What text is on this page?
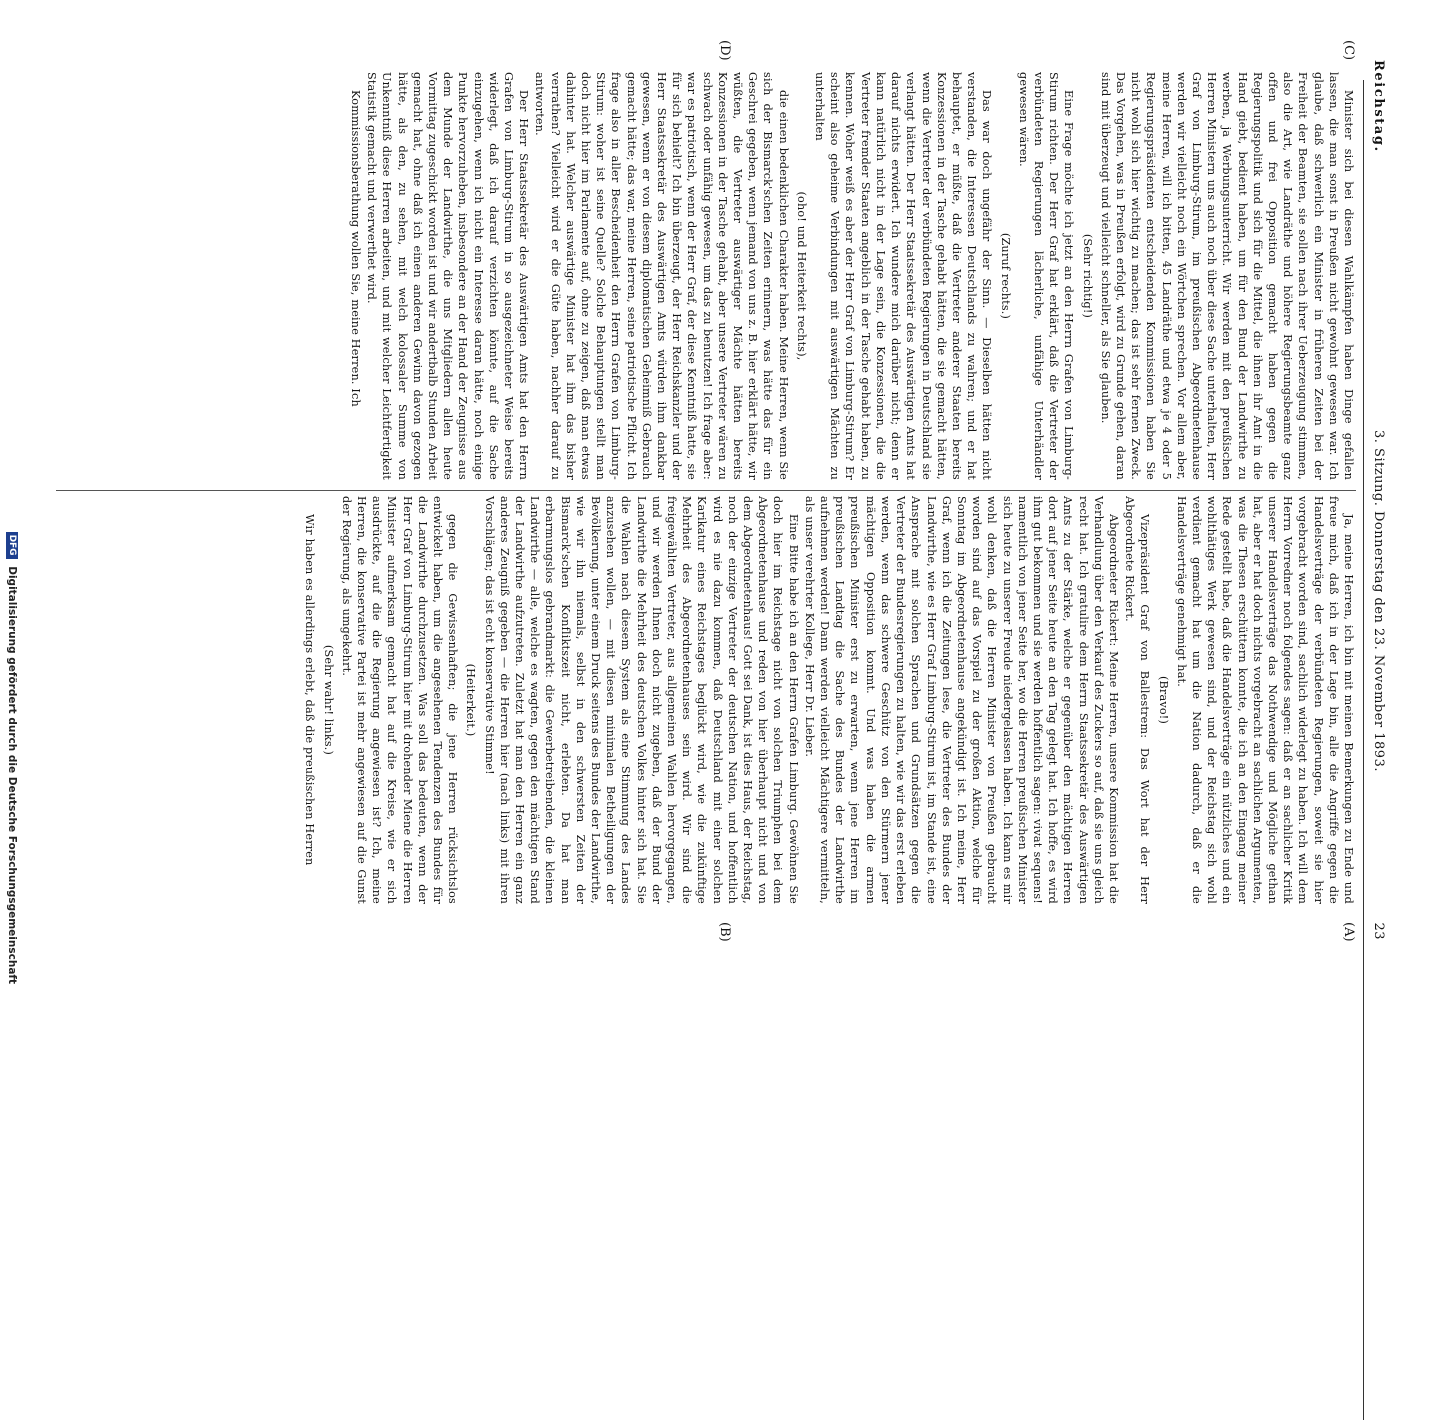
Reichstag.
3. Sitzung. Donnerstag den 23. November 1893.
23
(A)
(B)
(C)
(D)

Ja, meine Herren, ich bin mit meinen Bemerkungen zu Ende und freue mich, daß ich in der Lage bin, alle die Angriffe gegen die Handelsverträge der verbündeten Regierungen, soweit sie hier vorgebracht worden sind, sachlich widerlegt zu haben. Ich will dem Herrn Vorredner noch folgendes sagen: daß er an sachlicher Kritik unserer Handelsverträge das Nothwendige und Mögliche gethan hat, aber er hat doch nichts vorgebracht an sachlichen Argumenten, was die Thesen erschüttern konnte, die ich an den Eingang meiner Rede gestellt habe, daß die Handelsverträge ein nützliches und ein wohlthätiges Werk gewesen sind, und der Reichstag sich wohl verdient gemacht hat um die Nation dadurch, daß er die Handelsverträge genehmigt hat.

(Bravo!)

Vizepräsident Graf von Ballestrem: Das Wort hat der Herr Abgeordnete Rickert.

Abgeordneter Rickert: Meine Herren, unsere Kommission hat die Verhandlung über den Verkauf des Zuckers so auf, daß sie uns gleich recht hat. Ich gratulire dem Herrn Staatssekretär des Auswärtigen Amts zu der Stärke, welche er gegenüber den mächtigen Herren dort auf jener Seite heute an den Tag gelegt hat. Ich hoffe, es wird ihm gut bekommen und sie werden hoffentlich sagen: vivat sequens! namentlich von jener Seite her, wo die Herren preußischen Minister sich heute zu unserer Freude niedergelassen haben. Ich kann es mir wohl denken, daß die Herren Minister von Preußen gebraucht worden sind auf das Vorspiel zu der großen Aktion, welche für Sonntag im Abgeordnetenhause angekündigt ist. Ich meine, Herr Graf, wenn ich die Zeitungen lese, die Vertreter des Bundes der Landwirthe, wie es Herr Graf Limburg-Stirum ist, im Stande ist, eine Ansprache mit solchen Sprachen und Grundsätzen gegen die Vertreter der Bundesregierungen zu halten, wie wir das erst erleben werden, wenn das schwere Geschütz von den Stürmern jener mächtigen Opposition kommt. Und was haben die armen preußischen Minister erst zu erwarten, wenn jene Herren im preußischen Landtag die Sache des Bundes der Landwirthe aufnehmen werden! Dann werden vielleicht Mächtigere vermitteln, als unser verehrter Kollege, Herr Dr. Lieber.

Eine Bitte habe ich an den Herrn Grafen Limburg. Gewöhnen Sie doch hier im Reichstage nicht von solchen Triumphen bei dem Abgeordnetenhause und reden von hier überhaupt nicht und von dem Abgeordnetenhaus! Gott sei Dank, ist dies Haus, der Reichstag, noch der einzige Vertreter der deutschen Nation, und hoffentlich wird es nie dazu kommen, daß Deutschland mit einer solchen Karikatur eines Reichstages beglückt wird, wie die zukünftige Mehrheit des Abgeordnetenhauses sein wird. Wir sind die freigewählten Vertreter, aus allgemeinen Wahlen hervorgegangen, und wir werden Ihnen doch nicht zugeben, daß der Bund der Landwirthe die Mehrheit des deutschen Volkes hinter sich hat. Sie die Wahlen nach diesem System als eine Stimmung des Landes anzusehen wollen, — mit diesen minimalen Betheiligungen der Bevölkerung, unter einem Druck seitens des Bundes der Landwirthe, wie wir ihn niemals, selbst in den schwersten Zeiten der Bismarck'schen Konfliktszeit nicht, erlebten. Da hat man erbarmungslos gebrandmarkt: die Gewerbetreibenden, die kleinen Landwirthe — alle, welche es wagten, gegen den mächtigen Stand der Landwirthe aufzutreten. Zuletzt hat man den Herren ein ganz anderes Zeugniß gegeben — die Herren hier (nach links) mit ihren Vorschlägen; das ist echt konservative Stimme!

(Heiterkeit.)

gegen die Gewissenhaften; die jene Herren rücksichtslos entwickelt haben, um die angesehenen Tendenzen des Bundes für die Landwirthe durchzusetzen. Was soll das bedeuten, wenn der Herr Graf von Limburg-Stirum hier mit drohender Miene die Herren Minister aufmerksam gemacht hat auf die Kreise, wie er sich ausdrückte, auf die die Regierung angewiesen ist? Ich, meine Herren, die konservative Partei ist mehr angewiesen auf die Gunst der Regierung, als umgekehrt.

(Sehr wahr! links.)

Wir haben es allerdings erlebt, daß die preußischen Herren

Minister sich bei diesen Wahlkämpfen haben Dinge gefallen lassen, die man sonst in Preußen nicht gewohnt gewesen war. Ich glaube, daß schwerlich ein Minister in früheren Zeiten bei der Freiheit der Beamten, sie sollen nach ihrer Ueberzeugung stimmen, also die Art, wie Landräthe und höhere Regierungsbeamte ganz offen und frei Opposition gemacht haben gegen die Regierungspolitik und sich für die Mittel, die ihnen ihr Amt in die Hand giebt, bedient haben, um für den Bund der Landwirthe zu werben, ja Werbungsunterricht. Wir werden mit den preußischen Herren Ministern uns auch noch über diese Sache unterhalten, Herr Graf von Limburg-Stirum, im preußischen Abgeordnetenhause werden wir vielleicht noch ein Wörtchen sprechen. Vor allem aber, meine Herren, will ich bitten, 45 Landräthe und etwa je 4 oder 5 Regierungspräsidenten entscheidenden Kommissionen haben Sie nicht wohl sich hier wichtig zu machen; das ist sehr fernen Zweck. Das Vorgehen, was in Preußen erfolgt, wird zu Grunde gehen, daran sind mit überzeugt und vielleicht schneller, als Sie glauben.

(Sehr richtig!)

Eine Frage möchte ich jetzt an den Herrn Grafen von Limburg-Stirum richten. Der Herr Graf hat erklärt, daß die Vertreter der verbündeten Regierungen lächerliche, unfähige Unterhändler gewesen wären.

(Zuruf rechts.)

Das war doch ungefähr der Sinn. — Dieselben hätten nicht verstanden, die Interessen Deutschlands zu wahren; und er hat behauptet, er müßte, daß die Vertreter anderer Staaten bereits Konzessionen in der Tasche gehabt hätten, die sie gemacht hätten, wenn die Vertreter der verbündeten Regierungen in Deutschland sie verlangt hätten. Der Herr Staatssekretär des Auswärtigen Amts hat darauf nichts erwidert. Ich wundere mich darüber nicht; denn er kann natürlich nicht in der Lage sein, die Konzessionen, die die Vertreter fremder Staaten angeblich in der Tasche gehabt haben, zu kennen. Woher weiß es aber der Herr Graf von Limburg-Stirum? Er scheint also geheime Verbindungen mit auswärtigen Mächten zu unterhalten

(oho! und Heiterkeit rechts),

die einen bedenklichen Charakter haben. Meine Herren, wenn Sie sich der Bismarck'schen Zeiten erinnern, was hätte das für ein Geschrei gegeben, wenn jemand von uns z. B. hier erklärt hätte, wir wüßten, die Vertreter auswärtiger Mächte hätten bereits Konzessionen in der Tasche gehabt, aber unsere Vertreter wären zu schwach oder unfähig gewesen, um das zu benutzen! Ich frage aber: war es patriotisch, wenn der Herr Graf, der diese Kenntniß hatte, sie für sich behielt? Ich bin überzeugt, der Herr Reichskanzler und der Herr Staatssekretär des Auswärtigen Amts würden ihm dankbar gewesen, wenn er von diesem diplomatischen Geheimniß Gebrauch gemacht hätte; das war, meine Herren, seine patriotische Pflicht. Ich frage also in aller Bescheidenheit den Herrn Grafen von Limburg-Stirum: woher ist seine Quelle? Solche Behauptungen stellt man doch nicht hier im Parlamente auf, ohne zu zeigen, daß man etwas dahinter hat. Welcher auswärtige Minister hat ihm das bisher verrathen? Vielleicht wird er die Güte haben, nachher darauf zu antworten.

Der Herr Staatssekretär des Auswärtigen Amts hat den Herrn Grafen von Limburg-Stirum in so ausgezeichneter Weise bereits widerlegt, daß ich darauf verzichten könnte, auf die Sache einzugehen, wenn ich nicht ein Interesse daran hätte, noch einige Punkte hervorzuheben, insbesondere an der Hand der Zeugnisse aus dem Munde der Landwirthe, die uns Mitgliedern allen heute Vormittag zugeschickt worden ist und wir andertbalb Stunden Arbeit gemacht hat, ohne daß ich einen anderen Gewinn davon gezogen hätte, als den, zu sehen, mit welch kolossaler Summe von Unkenntniß diese Herren arbeiten, und mit welcher Leichtfertigkeit Statistik gemacht und verwerthet wird.

Kommissionsberathung wollen Sie, meine Herren. Ich

DFG Digitalisierung gefördert durch die Deutsche Forschungsgemeinschaft
